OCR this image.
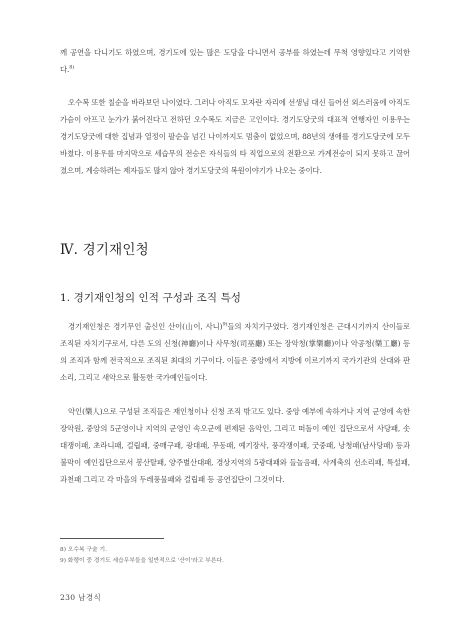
께 공연을 다니기도 하였으며, 경기도에 있는 많은 도당을 다니면서 공부를 하였는데 무척 영향있다고 기억한다.$^{8)}$

오수복 또한 칠순을 바라보던 나이였다. 그러나 아직도 모자란 자리에 선생님 대신 들어선 외스러움에 아직도 가슴이 아프고 눈가가 붉어진다고 전하던 오수복도 지금은 고인이다. 경기도당굿의 대표적 연행자인 이용우는 경기도당굿에 대한 집념과 열정이 팔순을 넘긴 나이까지도 멈춤이 없었으며, 88년의 생애를 경기도당굿에 모두 바쳤다. 이용우를 마지막으로 세습무의 전승은 자식들의 타 직업으로의 전환으로 가계전승이 되지 못하고 끊어졌으며, 계승하려는 제자들도 많지 않아 경기도당굿의 복원이야기가 나오는 중이다.

Ⅳ. 경기재인청
1. 경기재인청의 인적 구성과 조직 특성

경기재인청은 경기무인 출신인 산이(山이, 사니)$^{9)}$들의 자치기구였다. 경기재인청은 근대시기까지 산이들로 조직된 자치기구로서, 다른 도의 신청(神廳)이나 사무청(司巫廳) 또는 장악청(掌樂廳)이나 악공청(樂工廳) 등의 조직과 함께 전국적으로 조직된 최대의 기구이다. 이들은 중앙에서 지방에 이르기까지 국가기관의 산대와 판소리, 그리고 새악으로 활동한 국가예인들이다.

악인(樂人)으로 구성된 조직들은 재인청이나 신청 조직 밖고도 있다. 중앙 예부에 속하거나 지역 군영에 속한 장악원, 중앙의 5군영이나 지역의 군영인 속오군에 편제된 음악인, 그리고 떠돌이 예인 집단으로서 사당패, 솟대쟁이패, 초라니패, 걸립패, 중매구패, 광대패, 무동패, 예기장사, 풍각쟁이패, 굿중패, 낭청패(남사당패) 등과 불막이 예인집단으로서 봉산탈패, 양주별산대패, 경상지역의 5광대패와 들놀음패, 사계축의 선소리패, 특설패, 과천패 그리고 각 마을의 두레풍물패와 걸립패 등 공연집단이 그것이다.

8) 오수복 구술 기.

9) 화랭이 중 경기도 세습무부들을 일반적으로 '산이'라고 부른다.

230 남경식
